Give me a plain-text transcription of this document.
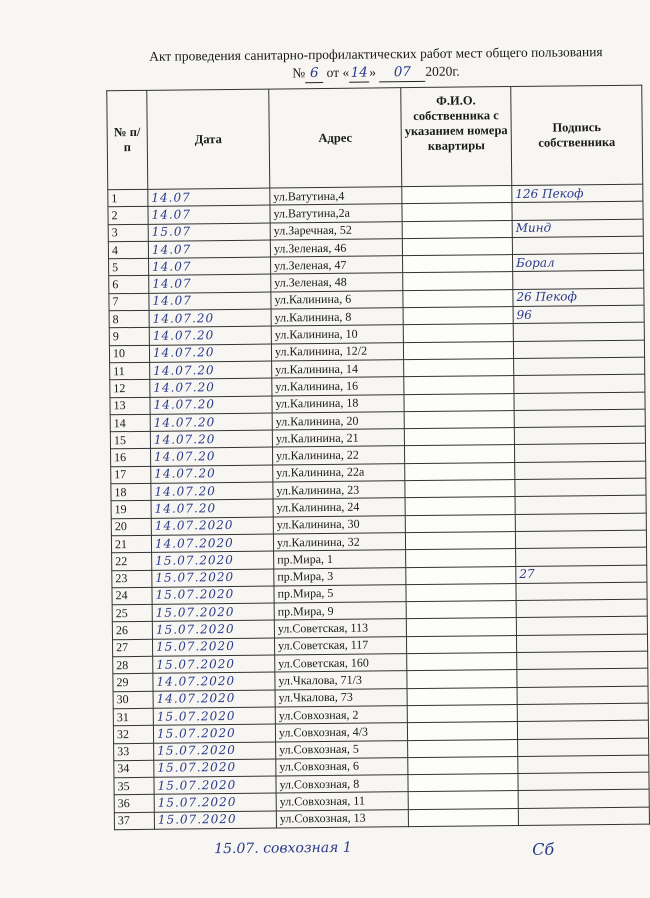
Акт проведения санитарно-профилактических работ мест общего пользования
№ 6 от «14» 07 2020г.
№ п/п	Дата	Адрес	Ф.И.О. собственника с указанием номера квартиры	Подпись собственника
1	14.07	ул.Ватутина,4		126 Пекоф
2	14.07	ул.Ватутина,2а		
3	15.07	ул.Заречная, 52		Минд
4	14.07	ул.Зеленая, 46		
5	14.07	ул.Зеленая, 47		Борал
6	14.07	ул.Зеленая, 48		
7	14.07	ул.Калинина, 6		26 Пекоф
8	14.07.20	ул.Калинина, 8		96
9	14.07.20	ул.Калинина, 10		
10	14.07.20	ул.Калинина, 12/2		
11	14.07.20	ул.Калинина, 14		
12	14.07.20	ул.Калинина, 16		
13	14.07.20	ул.Калинина, 18		
14	14.07.20	ул.Калинина, 20		
15	14.07.20	ул.Калинина, 21		
16	14.07.20	ул.Калинина, 22		
17	14.07.20	ул.Калинина, 22а		
18	14.07.20	ул.Калинина, 23		
19	14.07.20	ул.Калинина, 24		
20	14.07.2020	ул.Калинина, 30		
21	14.07.2020	ул.Калинина, 32		
22	15.07.2020	пр.Мира, 1		
23	15.07.2020	пр.Мира, 3		27
24	15.07.2020	пр.Мира, 5		
25	15.07.2020	пр.Мира, 9		
26	15.07.2020	ул.Советская, 113		
27	15.07.2020	ул.Советская, 117		
28	15.07.2020	ул.Советская, 160		
29	14.07.2020	ул.Чкалова, 71/3		
30	14.07.2020	ул.Чкалова, 73		
31	15.07.2020	ул.Совхозная, 2		
32	15.07.2020	ул.Совхозная, 4/3		
33	15.07.2020	ул.Совхозная, 5		
34	15.07.2020	ул.Совхозная, 6		
35	15.07.2020	ул.Совхозная, 8		
36	15.07.2020	ул.Совхозная, 11		
37	15.07.2020	ул.Совхозная, 13		
15.07. совхозная 1	Сб
